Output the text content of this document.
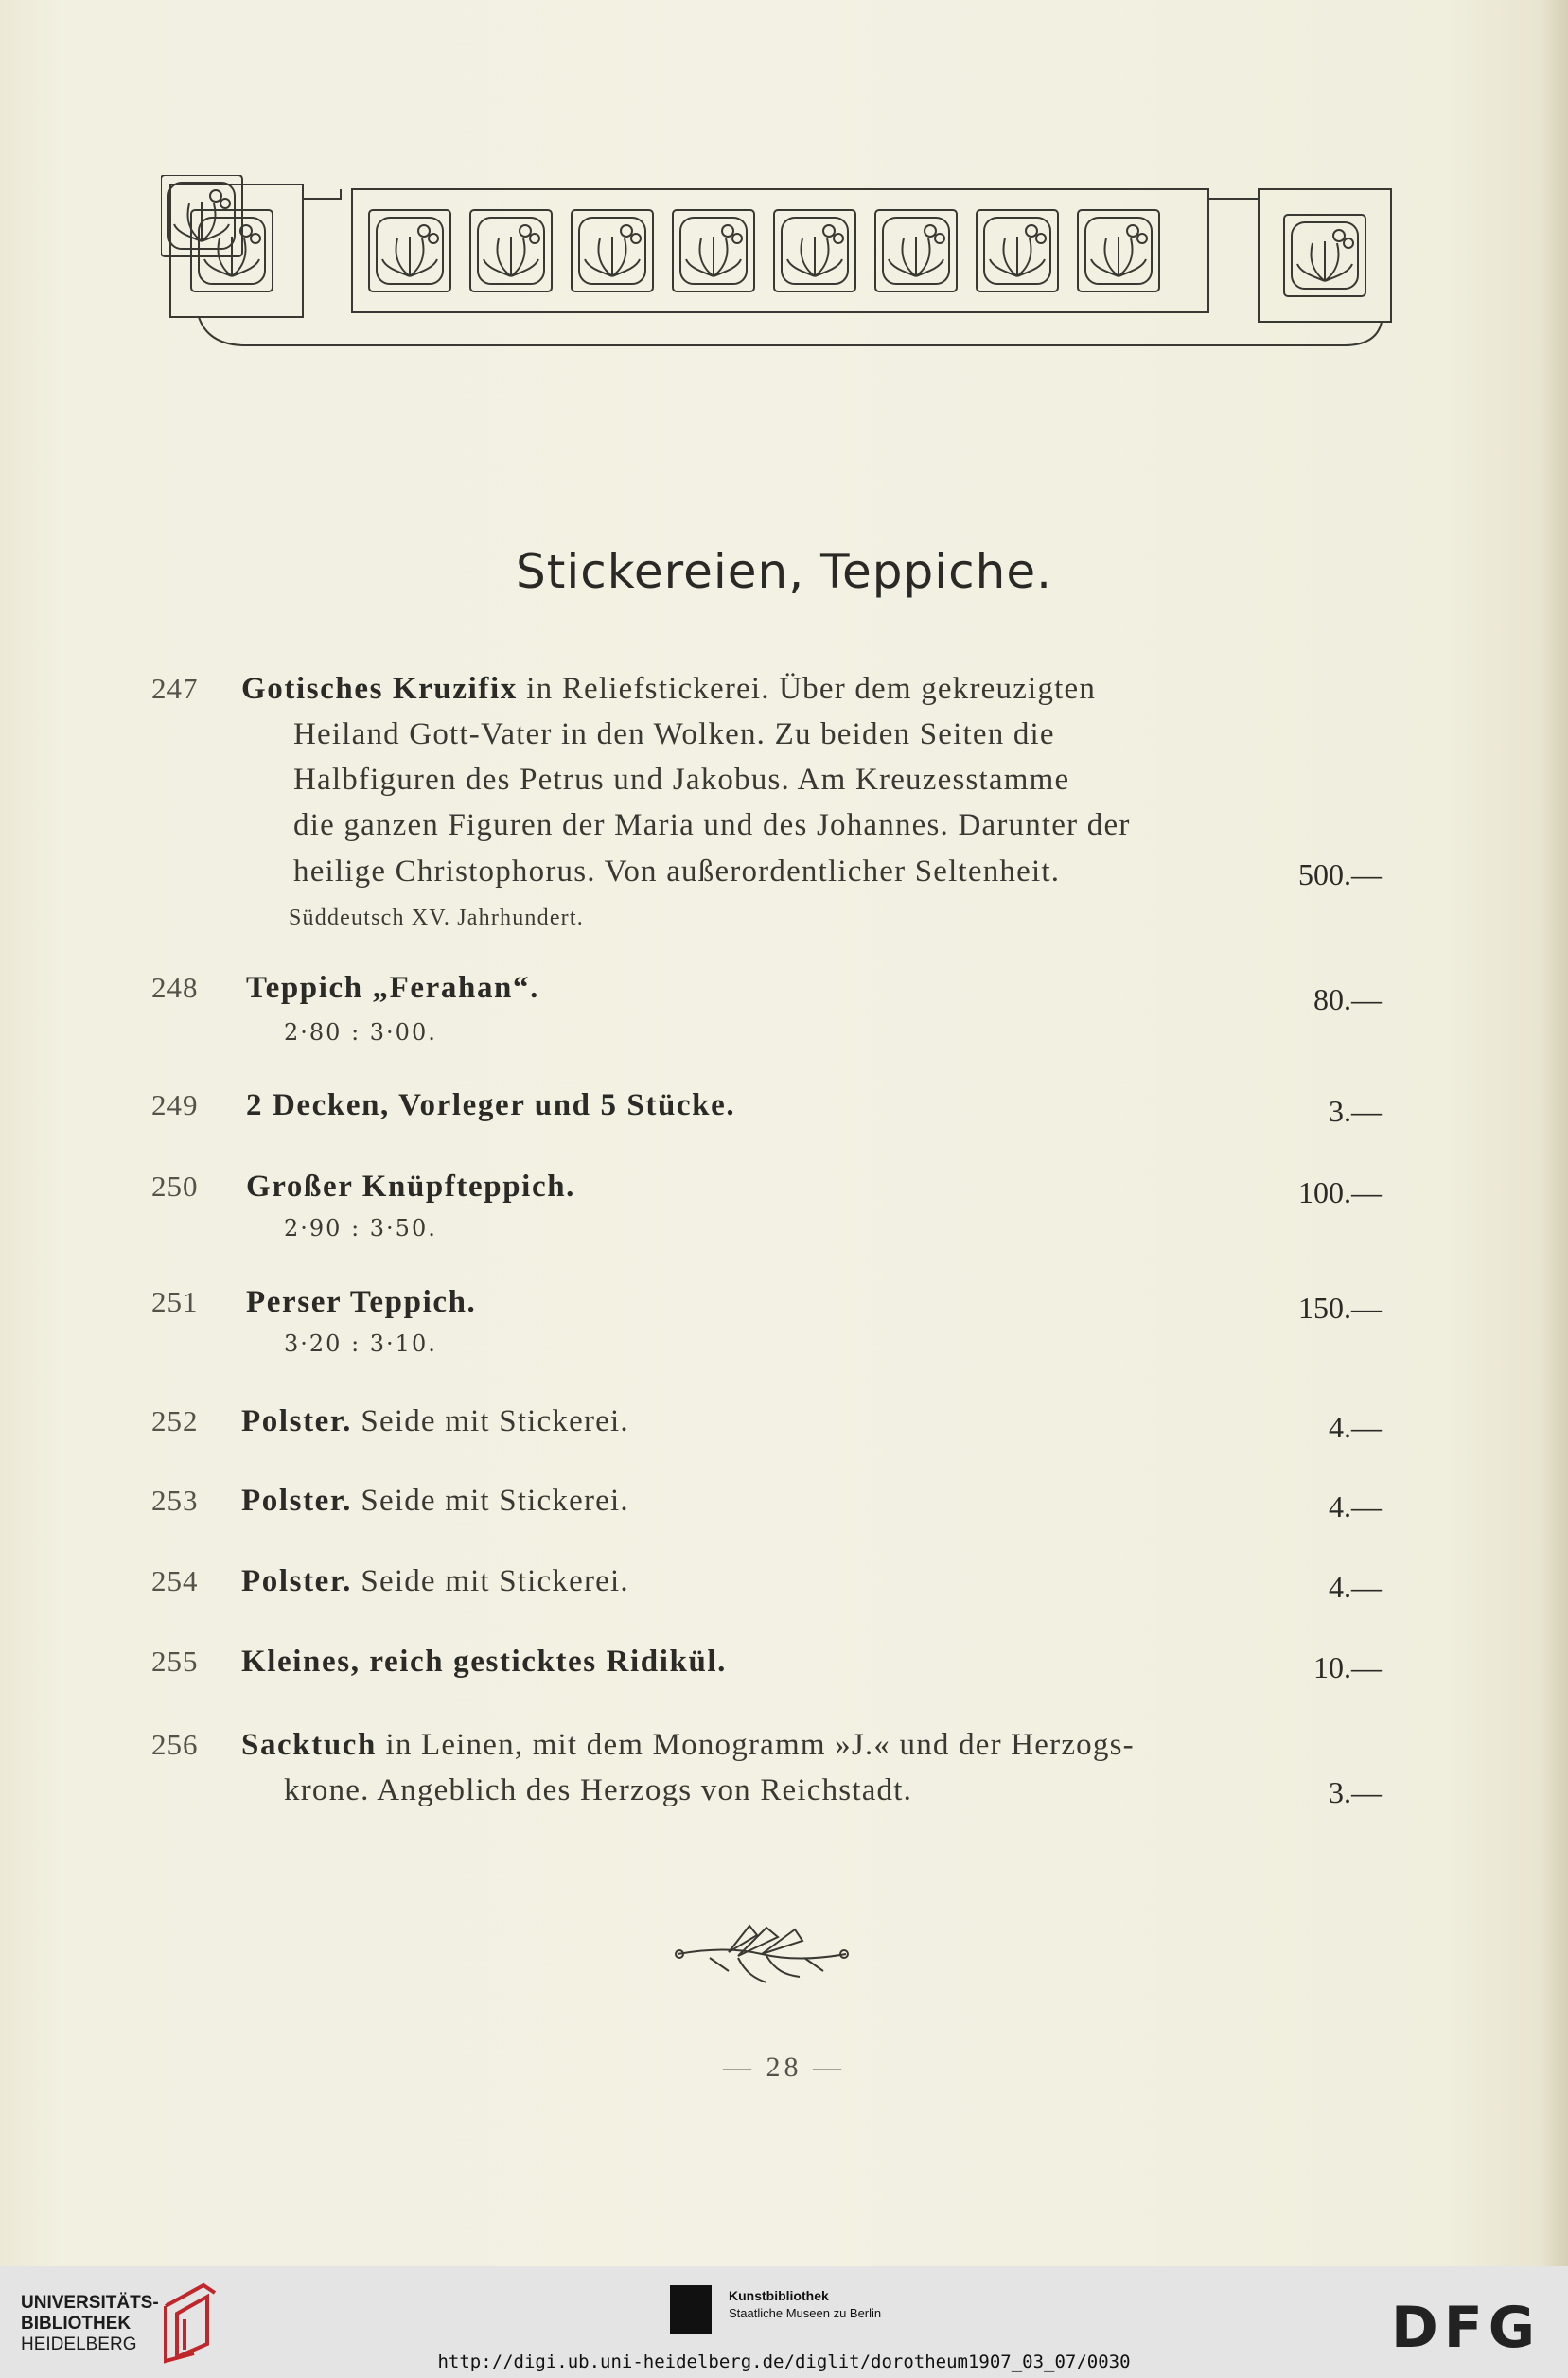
Stickereien, Teppiche.
247	Gotisches Kruzifix in Reliefstickerei. Über dem gekreuzigten
Heiland Gott-Vater in den Wolken. Zu beiden Seiten die
Halbfiguren des Petrus und Jakobus. Am Kreuzesstamme
die ganzen Figuren der Maria und des Johannes. Darunter der
heilige Christophorus. Von außerordentlicher Seltenheit.	500.—
Süddeutsch XV. Jahrhundert.
248	Teppich „Ferahan“.	80.—
2·80 : 3·00.
249	2 Decken, Vorleger und 5 Stücke.	3.—
250	Großer Knüpfteppich.	100.—
2·90 : 3·50.
251	Perser Teppich.	150.—
3·20 : 3·10.
252	Polster. Seide mit Stickerei.	4.—
253	Polster. Seide mit Stickerei.	4.—
254	Polster. Seide mit Stickerei.	4.—
255	Kleines, reich gesticktes Ridikül.	10.—
256	Sacktuch in Leinen, mit dem Monogramm »J.« und der Herzogs-
krone. Angeblich des Herzogs von Reichstadt.	3.—
— 28 —
UNIVERSITÄTS-
BIBLIOTHEK
HEIDELBERG
Kunstbibliothek
Staatliche Museen zu Berlin	DFG
http://digi.ub.uni-heidelberg.de/diglit/dorotheum1907_03_07/0030
